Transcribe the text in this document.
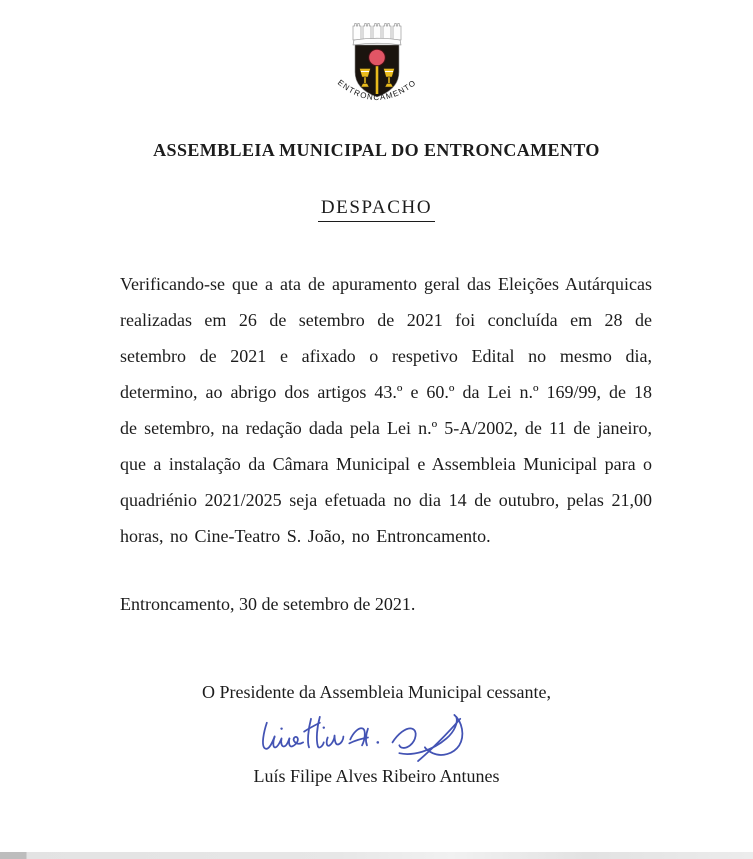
ENTRONCAMENTO
ASSEMBLEIA MUNICIPAL DO ENTRONCAMENTO
DESPACHO

Verificando-se que a ata de apuramento geral das Eleições Autárquicas realizadas em 26 de setembro de 2021 foi concluída em 28 de setembro de 2021 e afixado o respetivo Edital no mesmo dia, determino, ao abrigo dos artigos 43.º e 60.º da Lei n.º 169/99, de 18 de setembro, na redação dada pela Lei n.º 5-A/2002, de 11 de janeiro, que a instalação da Câmara Municipal e Assembleia Municipal para o quadriénio 2021/2025 seja efetuada no dia 14 de outubro, pelas 21,00 horas, no Cine-Teatro S. João, no Entroncamento.

Entroncamento, 30 de setembro de 2021.

O Presidente da Assembleia Municipal cessante,

Luís Filipe Alves Ribeiro Antunes
